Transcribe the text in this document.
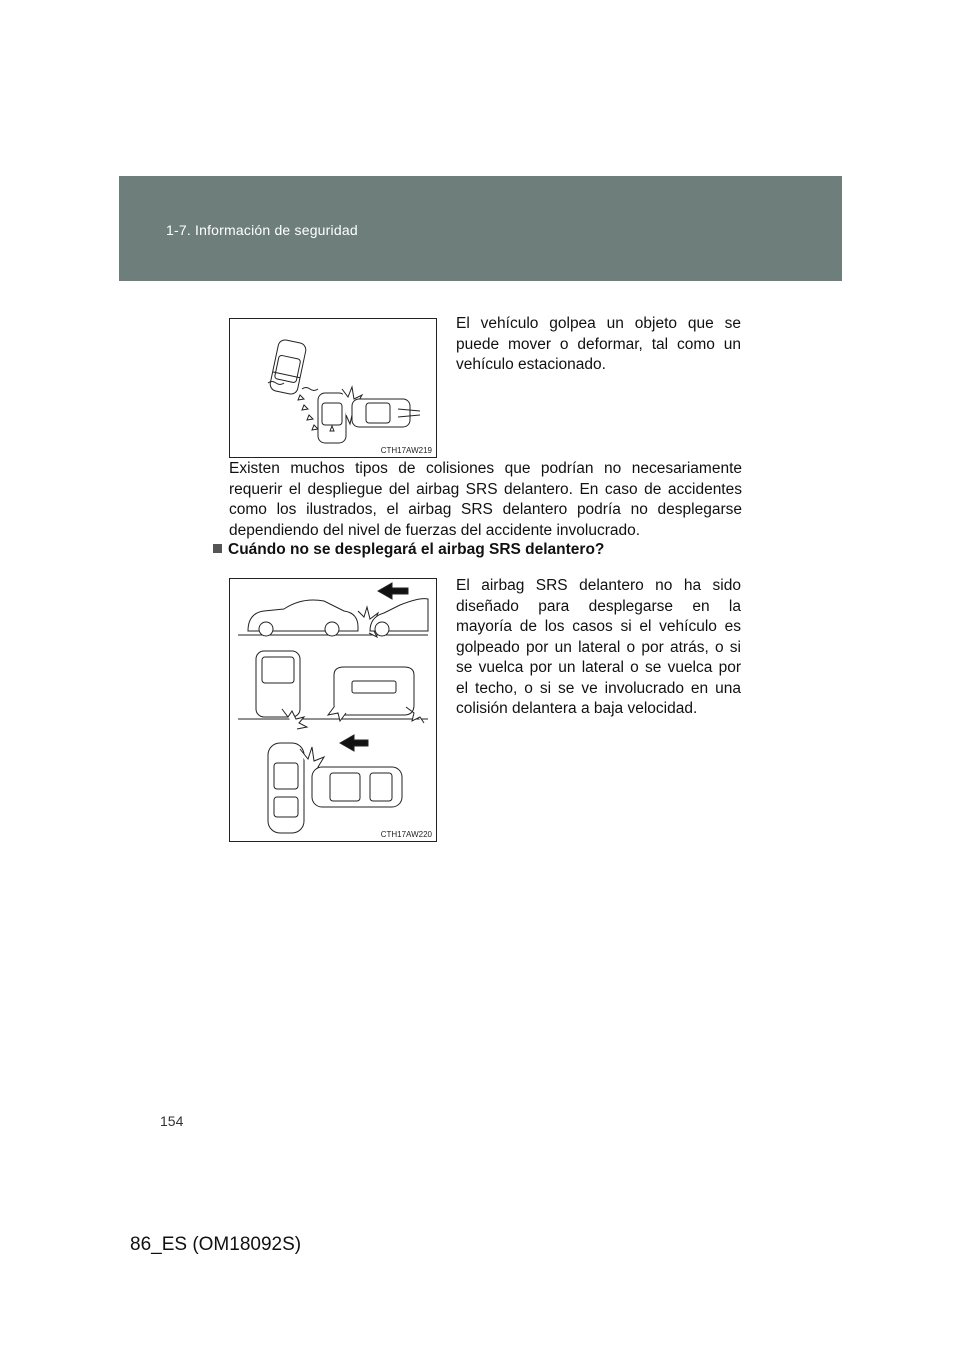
1-7. Información de seguridad
CTH17AW219

El vehículo golpea un objeto que se puede mover o deformar, tal como un vehículo estacionado.

Existen muchos tipos de colisiones que podrían no necesariamente requerir el despliegue del airbag SRS delantero. En caso de accidentes como los ilustrados, el airbag SRS delantero podría no desplegarse dependiendo del nivel de fuerzas del accidente involucrado.

Cuándo no se desplegará el airbag SRS delantero?

CTH17AW220

El airbag SRS delantero no ha sido diseñado para desplegarse en la mayoría de los casos si el vehículo es golpeado por un lateral o por atrás, o si se vuelca por un lateral o se vuelca por el techo, o si se ve involucrado en una colisión delantera a baja velocidad.

154
86_ES (OM18092S)
